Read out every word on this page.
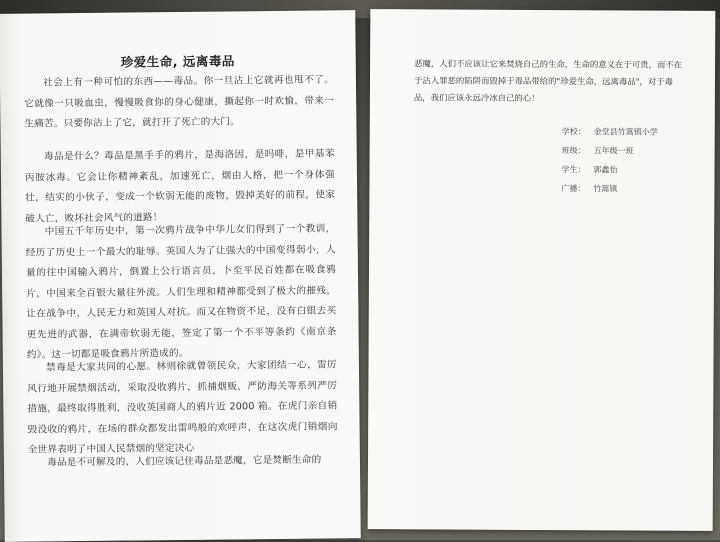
珍爱生命, 远离毒品
社会上有一种可怕的东西——毒品。你一旦沾上它就再也甩不了。它就像一只吸血虫，慢慢吸食你的身心健康，撕起你一时欢愉，带来一生痛苦。只要你沾上了它，就打开了死亡的大门。
毒品是什么？毒品是黑手手的鸦片，是海洛因，是吗啡，是甲基苯丙胺冰毒。它会让你精神紊乱，加速死亡，烟由人格，把一个身体强壮，结实的小伙子，变成一个软弱无能的废物，毁掉美好的前程，使家破人亡，败坏社会风气的道路！
中国五千年历史中，第一次鸦片战争中华儿女们得到了一个教训，经历了历史上一个最大的耻辱。英国人为了让强大的中国变得弱小，人量的往中国输入鸦片，倒置上公行语言员，卜至平民百姓都在吸食鸦片，中国来全百银大量往外流。人们生理和精神都受到了极大的摧残，让在战争中，人民无力和英国人对抗。而又在物资不足，没有白银去买更先进的武器，在满帝软弱无能，签定了第一个不平等条约《南京条约》。这一切都是吸食鸦片所造成的。
禁毒是大家共同的心愿。林则徐就曾领民众，大家团结一心，雷厉风行地开展禁烟活动，采取没收鸦片，抓捕烟贩，严防海关等系列严厉措施，最终取得胜利，没收英国商人的鸦片近 2000 箱。在虎门亲自销毁没收的鸦片，在场的群众都发出雷鸣般的欢呼声，在这次虎门销烟向全世界表明了中国人民禁烟的坚定决心
毒品是不可解及的，人们应该记住毒品是恶魔，它是焚断生命的
恶魔，人们不应该让它来焚烧自己的生命，生命的意义在于可贵，而不在于沾入罪恶的陷阱而毁掉于毒品带给的"珍爱生命，远离毒品"，对于毒品，我们应该永远冷冰自己的心！
学校： 金堂县竹篙镇小学
班级： 五年级一班
学生： 郭鑫怡
广播： 竹篙镇
